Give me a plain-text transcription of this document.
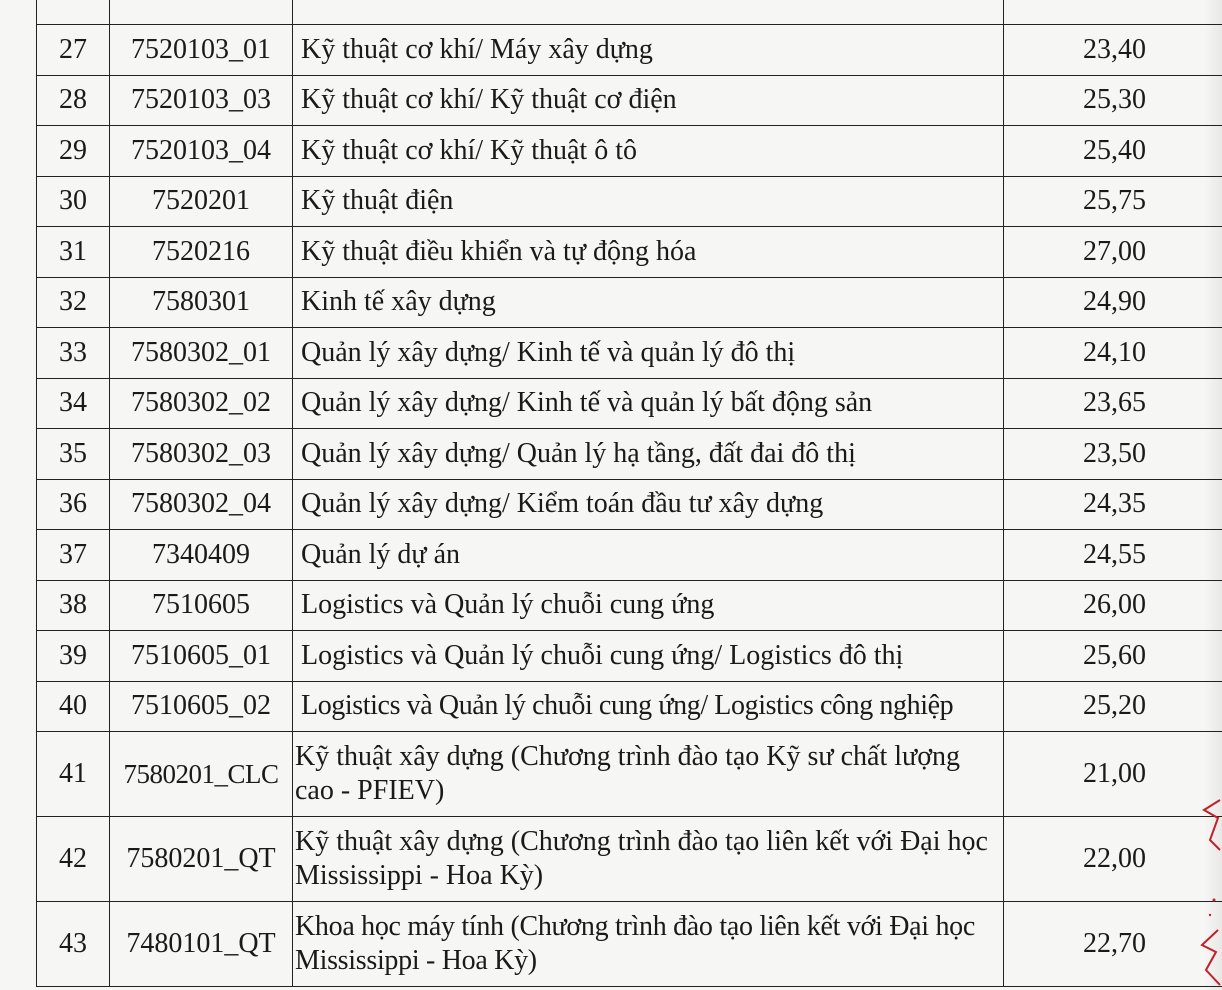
27	7520103_01	Kỹ thuật cơ khí/ Máy xây dựng	23,40
28	7520103_03	Kỹ thuật cơ khí/ Kỹ thuật cơ điện	25,30
29	7520103_04	Kỹ thuật cơ khí/ Kỹ thuật ô tô	25,40
30	7520201	Kỹ thuật điện	25,75
31	7520216	Kỹ thuật điều khiển và tự động hóa	27,00
32	7580301	Kinh tế xây dựng	24,90
33	7580302_01	Quản lý xây dựng/ Kinh tế và quản lý đô thị	24,10
34	7580302_02	Quản lý xây dựng/ Kinh tế và quản lý bất động sản	23,65
35	7580302_03	Quản lý xây dựng/ Quản lý hạ tầng, đất đai đô thị	23,50
36	7580302_04	Quản lý xây dựng/ Kiểm toán đầu tư xây dựng	24,35
37	7340409	Quản lý dự án	24,55
38	7510605	Logistics và Quản lý chuỗi cung ứng	26,00
39	7510605_01	Logistics và Quản lý chuỗi cung ứng/ Logistics đô thị	25,60
40	7510605_02	Logistics và Quản lý chuỗi cung ứng/ Logistics công nghiệp	25,20
41	7580201_CLC	Kỹ thuật xây dựng (Chương trình đào tạo Kỹ sư chất lượng cao - PFIEV)	21,00
42	7580201_QT	Kỹ thuật xây dựng (Chương trình đào tạo liên kết với Đại học Mississippi - Hoa Kỳ)	22,00
43	7480101_QT	Khoa học máy tính (Chương trình đào tạo liên kết với Đại học Mississippi - Hoa Kỳ)	22,70
